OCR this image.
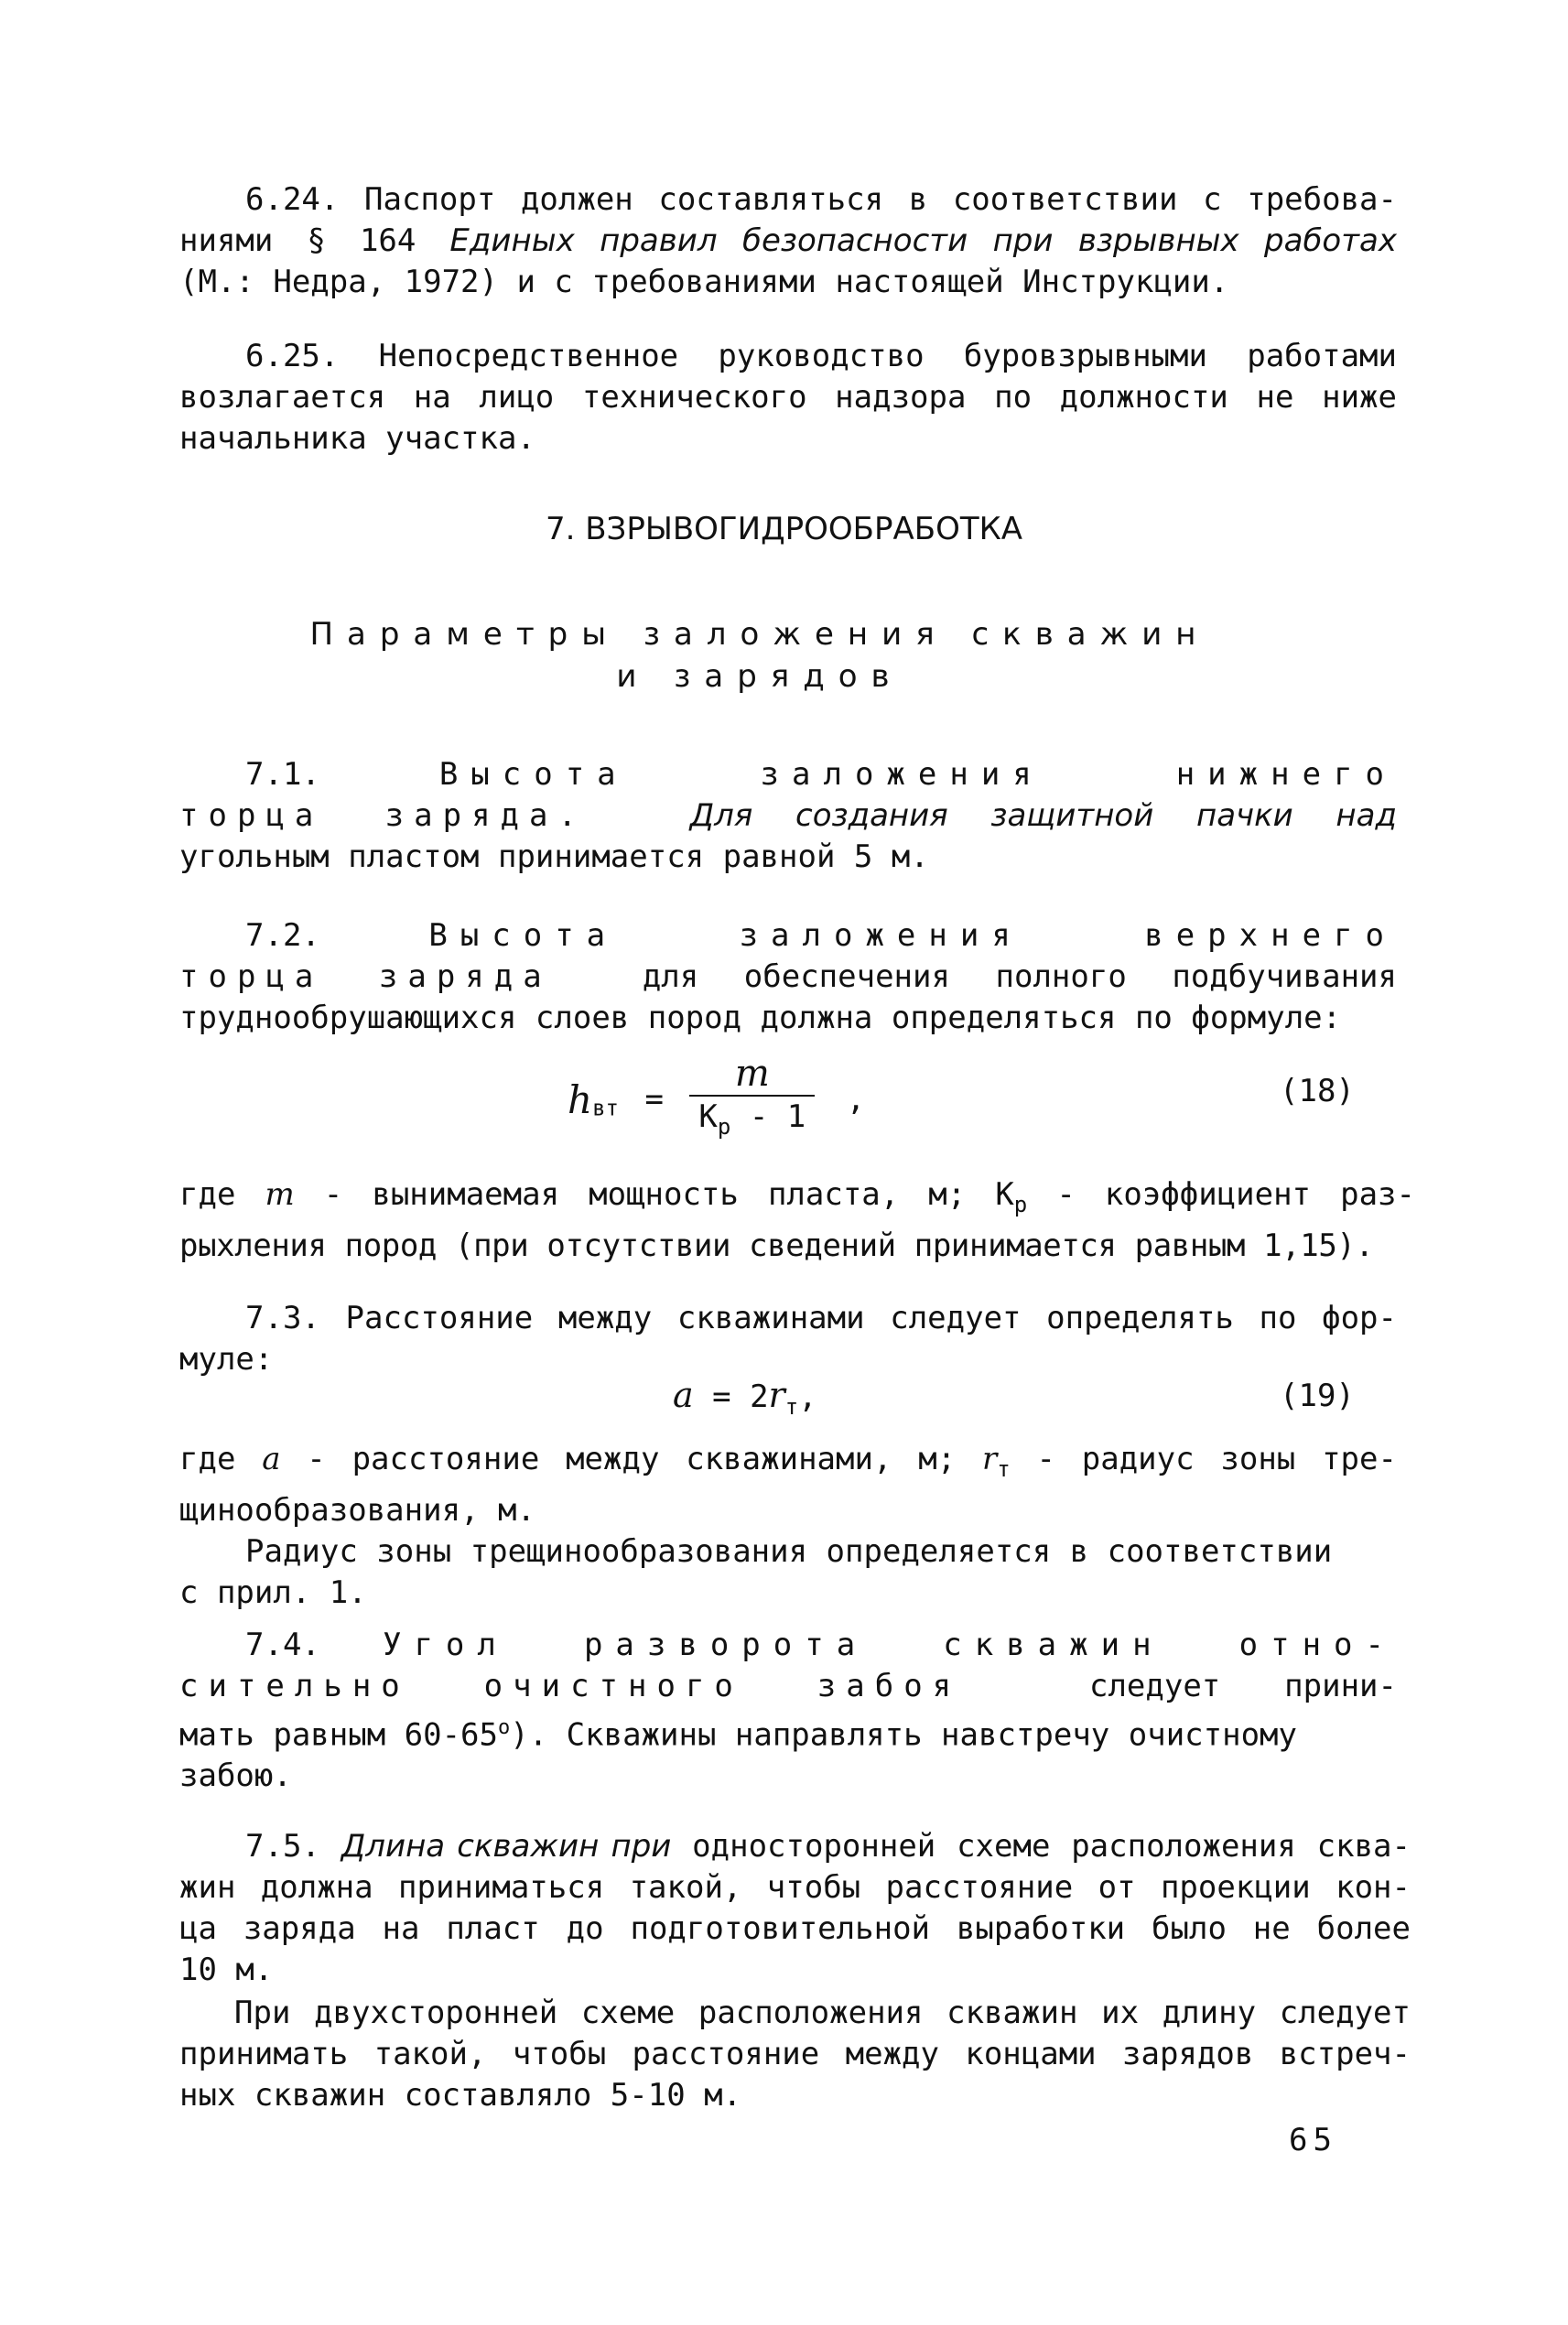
6.24. Паспорт должен составляться в соответствии с требова-
ниями § 164 Единых правил безопасности при взрывных работах
(М.: Недра, 1972) и с требованиями настоящей Инструкции.
6.25. Непосредственное руководство буровзрывными работами
возлагается на лицо технического надзора по должности не ниже
начальника участка.
7. ВЗРЫВОГИДРООБРАБОТКА
Параметры заложения скважин
и зарядов
7.1.	Высота заложения нижнего
торца заряда.	Для создания защитной пачки над
угольным пластом принимается равной 5 м.
7.2.	Высота заложения верхнего
торца заряда	для обеспечения полного подбучивания
труднообрушающихся слоев пород должна определяться по формуле:
$h_{вт} = \frac{m}{K_р - 1}$ ,	(18)
где m - вынимаемая мощность пласта, м; $К_р$ - коэффициент раз-
рыхления пород (при отсутствии сведений принимается равным 1,15).
7.3. Расстояние между скважинами следует определять по фор-
муле:
$a = 2r_т$,	(19)
где a - расстояние между скважинами, м; $r_т$ - радиус зоны тре-
щинообразования, м.
Радиус зоны трещинообразования определяется в соответствии
с прил. 1.
7.4. Угол разворота скважин отно-
сительно очистного забоя	следует прини-
мать равным $60-65^о$). Скважины направлять навстречу очистному
забою.
7.5. Длина скважин при односторонней схеме расположения сква-
жин должна приниматься такой, чтобы расстояние от проекции кон-
ца заряда на пласт до подготовительной выработки было не более
10 м.
При двухсторонней схеме расположения скважин их длину следует
принимать такой, чтобы расстояние между концами зарядов встреч-
ных скважин составляло 5-10 м.
65
